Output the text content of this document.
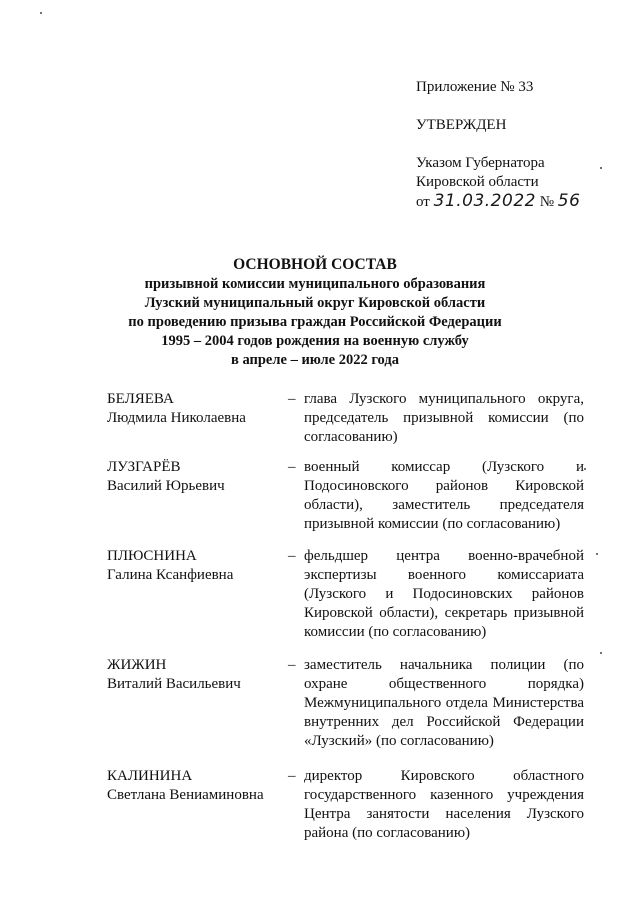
Приложение № 33
УТВЕРЖДЕН
Указом Губернатора
Кировской области
от 31.03.2022 № 56
ОСНОВНОЙ СОСТАВ
призывной комиссии муниципального образования
Лузский муниципальный округ Кировской области
по проведению призыва граждан Российской Федерации
1995 – 2004 годов рождения на военную службу
в апреле – июле 2022 года
БЕЛЯЕВА
Людмила Николаевна
– глава Лузского муниципального округа, председатель призывной комиссии (по согласованию)
ЛУЗГАРЁВ
Василий Юрьевич
– военный комиссар (Лузского и Подосиновского районов Кировской области), заместитель председателя призывной комиссии (по согласованию)
ПЛЮСНИНА
Галина Ксанфиевна
– фельдшер центра военно-врачебной экспертизы военного комиссариата (Лузского и Подосиновских районов Кировской области), секретарь призывной комиссии (по согласованию)
ЖИЖИН
Виталий Васильевич
– заместитель начальника полиции (по охране общественного порядка) Межмуниципального отдела Министерства внутренних дел Российской Федерации «Лузский» (по согласованию)
КАЛИНИНА
Светлана Вениаминовна
– директор Кировского областного государственного казенного учреждения Центра занятости населения Лузского района (по согласованию)
